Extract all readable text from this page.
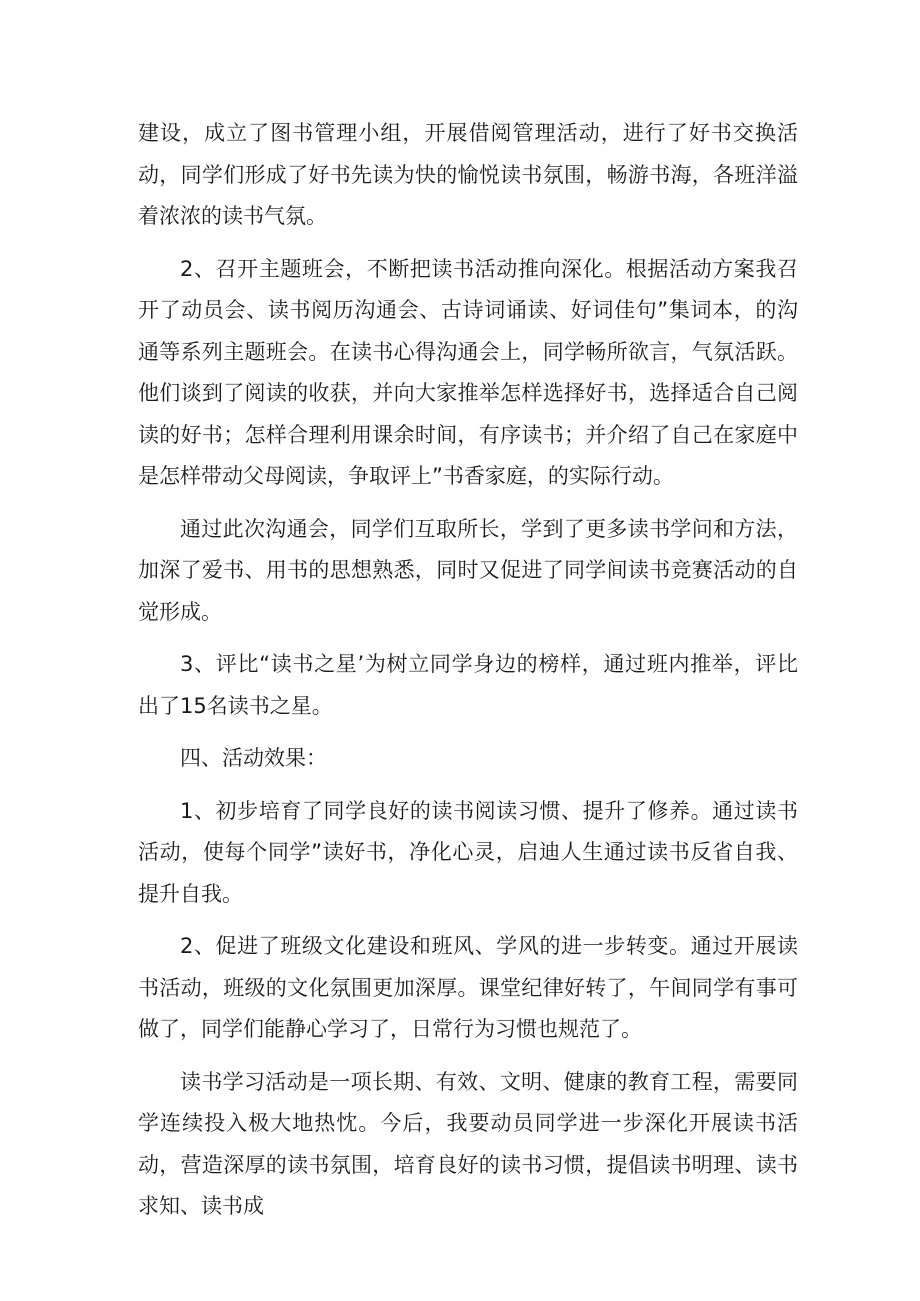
建设，成立了图书管理小组，开展借阅管理活动，进行了好书交换活动，同学们形成了好书先读为快的愉悦读书氛围，畅游书海，各班洋溢着浓浓的读书气氛。

2、召开主题班会，不断把读书活动推向深化。根据活动方案我召开了动员会、读书阅历沟通会、古诗词诵读、好词佳句”集词本，的沟通等系列主题班会。在读书心得沟通会上，同学畅所欲言，气氛活跃。他们谈到了阅读的收获，并向大家推举怎样选择好书，选择适合自己阅读的好书；怎样合理利用课余时间，有序读书；并介绍了自己在家庭中是怎样带动父母阅读，争取评上”书香家庭，的实际行动。

通过此次沟通会，同学们互取所长，学到了更多读书学问和方法，加深了爱书、用书的思想熟悉，同时又促进了同学间读书竞赛活动的自觉形成。

3、评比“读书之星’为树立同学身边的榜样，通过班内推举，评比出了15名读书之星。

四、活动效果：

1、初步培育了同学良好的读书阅读习惯、提升了修养。通过读书活动，使每个同学”读好书，净化心灵，启迪人生通过读书反省自我、提升自我。

2、促进了班级文化建设和班风、学风的进一步转变。通过开展读书活动，班级的文化氛围更加深厚。课堂纪律好转了，午间同学有事可做了，同学们能静心学习了，日常行为习惯也规范了。

读书学习活动是一项长期、有效、文明、健康的教育工程，需要同学连续投入极大地热忱。今后，我要动员同学进一步深化开展读书活动，营造深厚的读书氛围，培育良好的读书习惯，提倡读书明理、读书求知、读书成
